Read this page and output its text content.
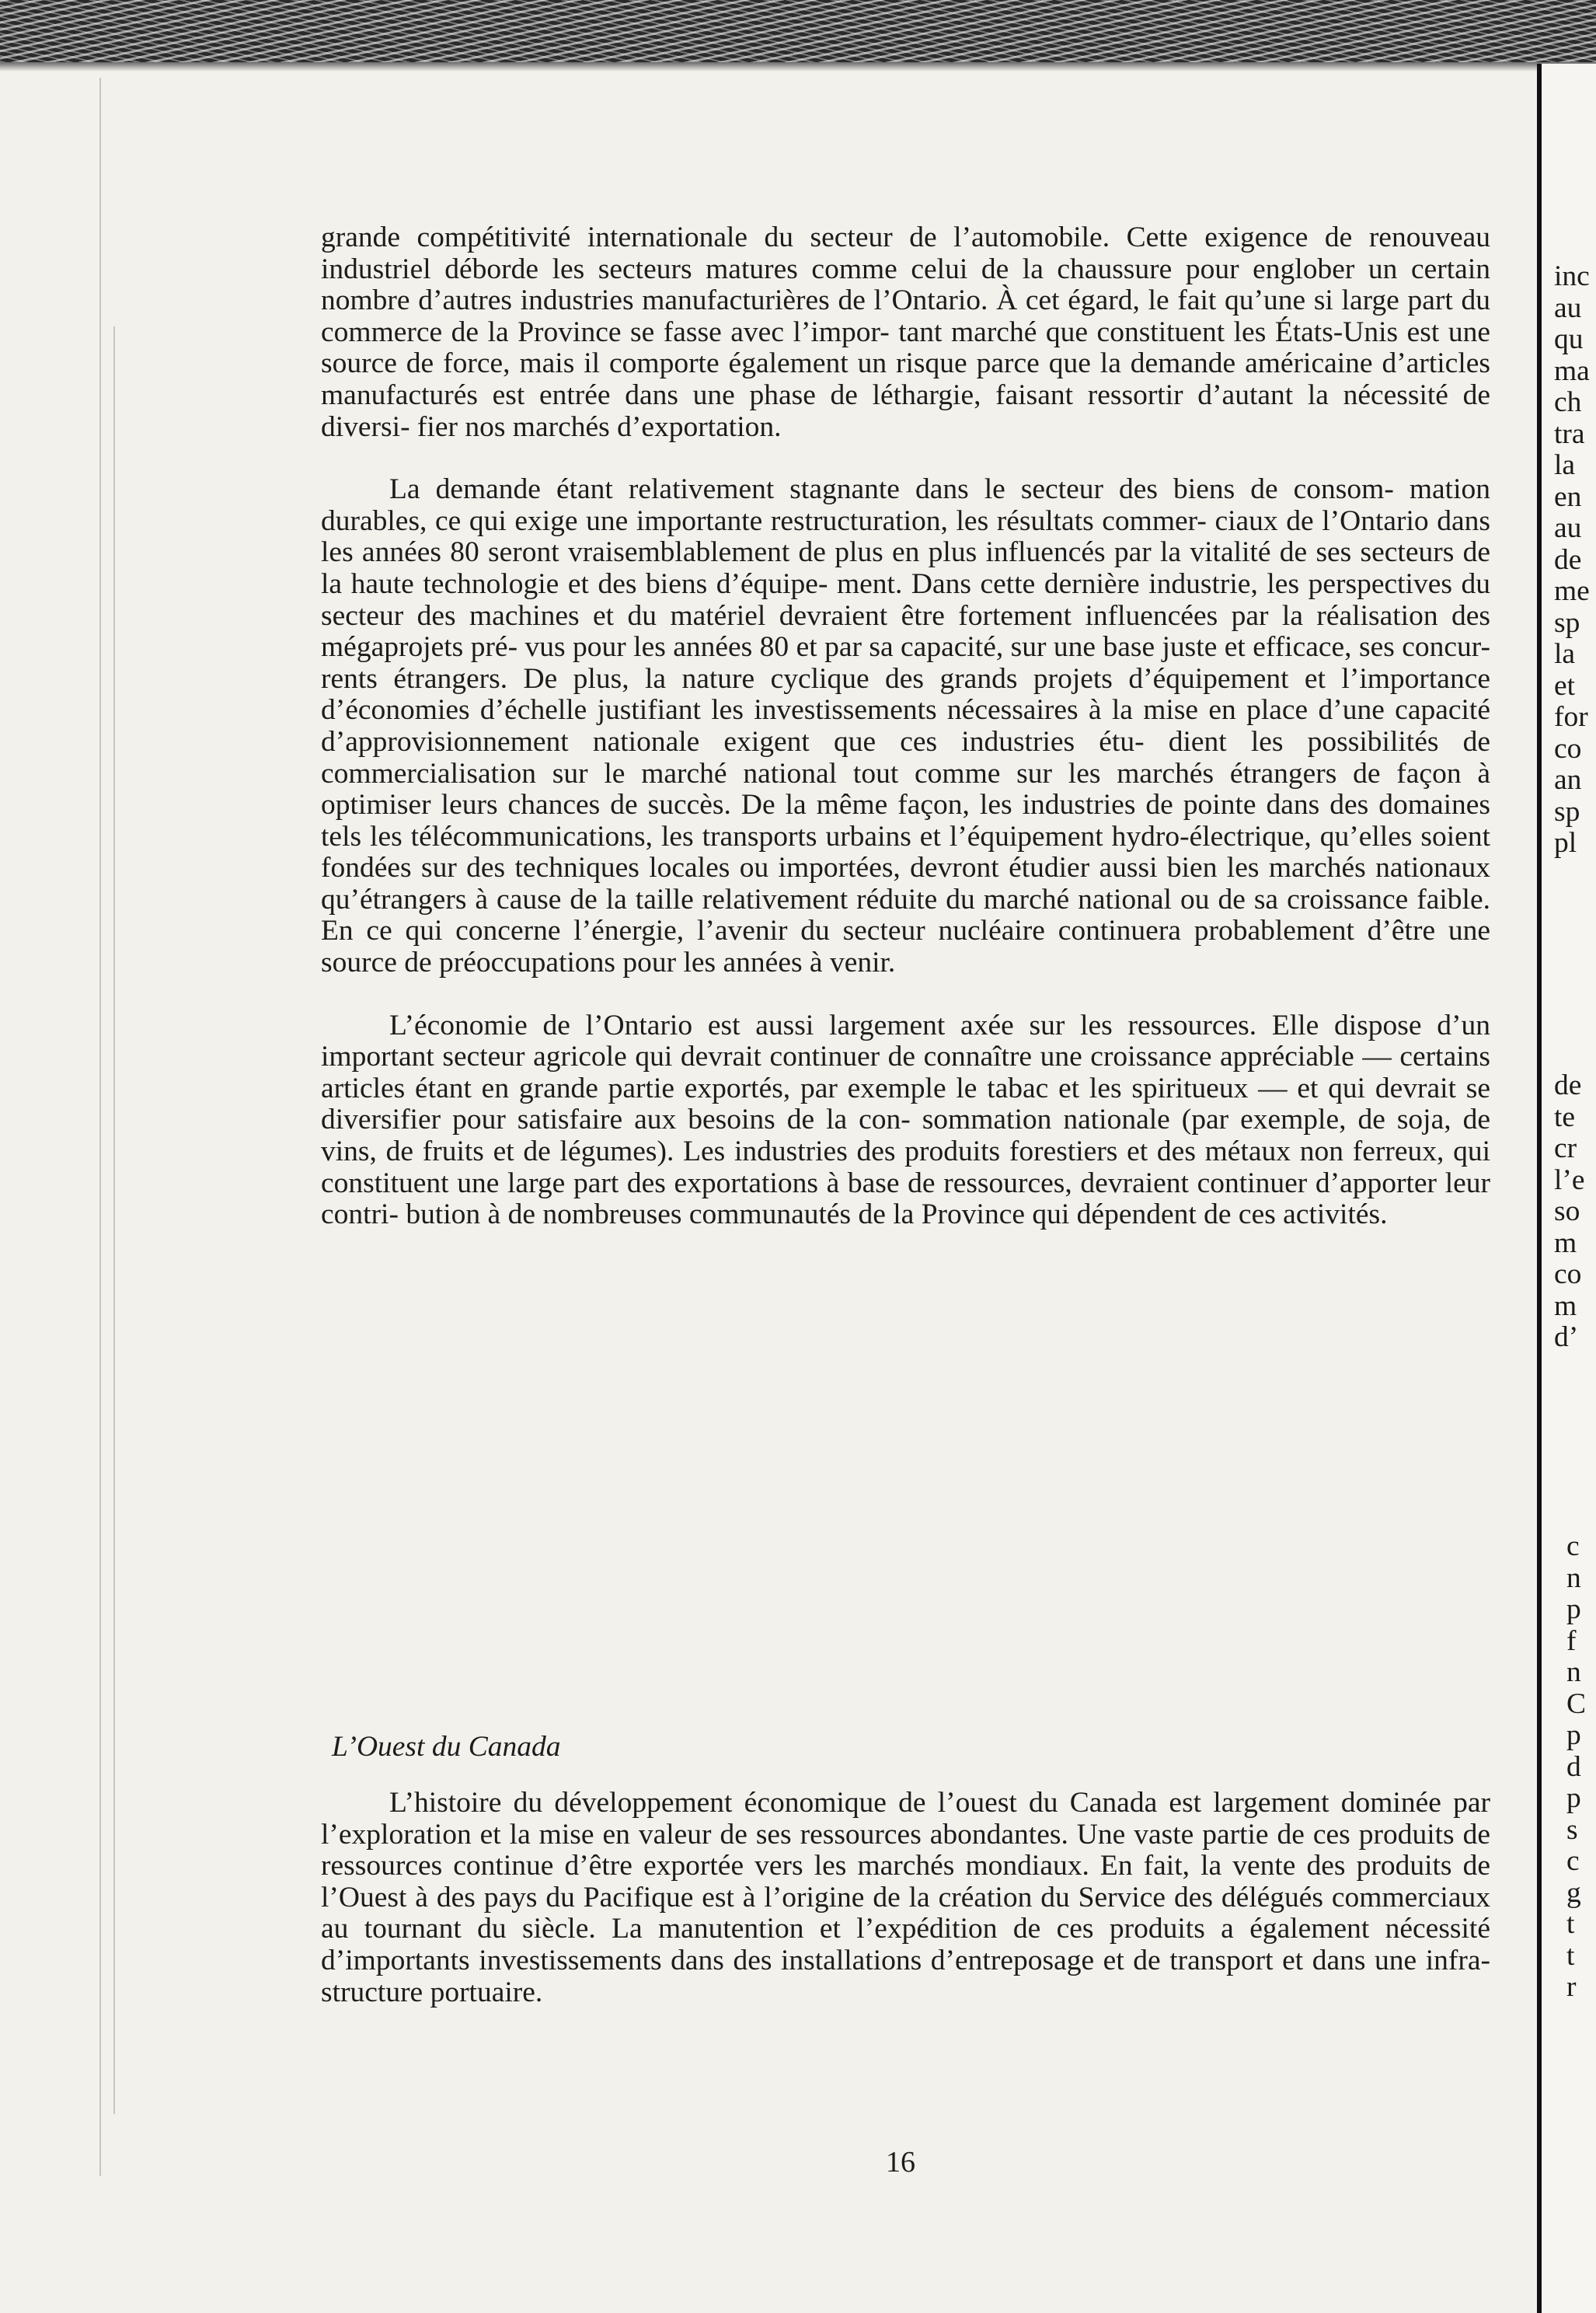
grande compétitivité internationale du secteur de l’automobile. Cette exigence de renouveau industriel déborde les secteurs matures comme celui de la chaussure pour englober un certain nombre d’autres industries manufacturières de l’Ontario. À cet égard, le fait qu’une si large part du commerce de la Province se fasse avec l’impor- tant marché que constituent les États-Unis est une source de force, mais il comporte également un risque parce que la demande américaine d’articles manufacturés est entrée dans une phase de léthargie, faisant ressortir d’autant la nécessité de diversi- fier nos marchés d’exportation.

La demande étant relativement stagnante dans le secteur des biens de consom- mation durables, ce qui exige une importante restructuration, les résultats commer- ciaux de l’Ontario dans les années 80 seront vraisemblablement de plus en plus influencés par la vitalité de ses secteurs de la haute technologie et des biens d’équipe- ment. Dans cette dernière industrie, les perspectives du secteur des machines et du matériel devraient être fortement influencées par la réalisation des mégaprojets pré- vus pour les années 80 et par sa capacité, sur une base juste et efficace, ses concur- rents étrangers. De plus, la nature cyclique des grands projets d’équipement et l’importance d’économies d’échelle justifiant les investissements nécessaires à la mise en place d’une capacité d’approvisionnement nationale exigent que ces industries étu- dient les possibilités de commercialisation sur le marché national tout comme sur les marchés étrangers de façon à optimiser leurs chances de succès. De la même façon, les industries de pointe dans des domaines tels les télécommunications, les transports urbains et l’équipement hydro-électrique, qu’elles soient fondées sur des techniques locales ou importées, devront étudier aussi bien les marchés nationaux qu’étrangers à cause de la taille relativement réduite du marché national ou de sa croissance faible. En ce qui concerne l’énergie, l’avenir du secteur nucléaire continuera probablement d’être une source de préoccupations pour les années à venir.

L’économie de l’Ontario est aussi largement axée sur les ressources. Elle dispose d’un important secteur agricole qui devrait continuer de connaître une croissance appréciable — certains articles étant en grande partie exportés, par exemple le tabac et les spiritueux — et qui devrait se diversifier pour satisfaire aux besoins de la con- sommation nationale (par exemple, de soja, de vins, de fruits et de légumes). Les industries des produits forestiers et des métaux non ferreux, qui constituent une large part des exportations à base de ressources, devraient continuer d’apporter leur contri- bution à de nombreuses communautés de la Province qui dépendent de ces activités.

L’Ouest du Canada

L’histoire du développement économique de l’ouest du Canada est largement dominée par l’exploration et la mise en valeur de ses ressources abondantes. Une vaste partie de ces produits de ressources continue d’être exportée vers les marchés mondiaux. En fait, la vente des produits de l’Ouest à des pays du Pacifique est à l’origine de la création du Service des délégués commerciaux au tournant du siècle. La manutention et l’expédition de ces produits a également nécessité d’importants investissements dans des installations d’entreposage et de transport et dans une infra- structure portuaire.

16

inc
au
qu
ma
ch
tra
la
en
au
de
me
sp
la
et
for
co
an
sp
pl
de
te
cr
l’e
so
m
co
m
d’
c
n
p
f
n
C
p
d
p
s
c
g
t
t
r
